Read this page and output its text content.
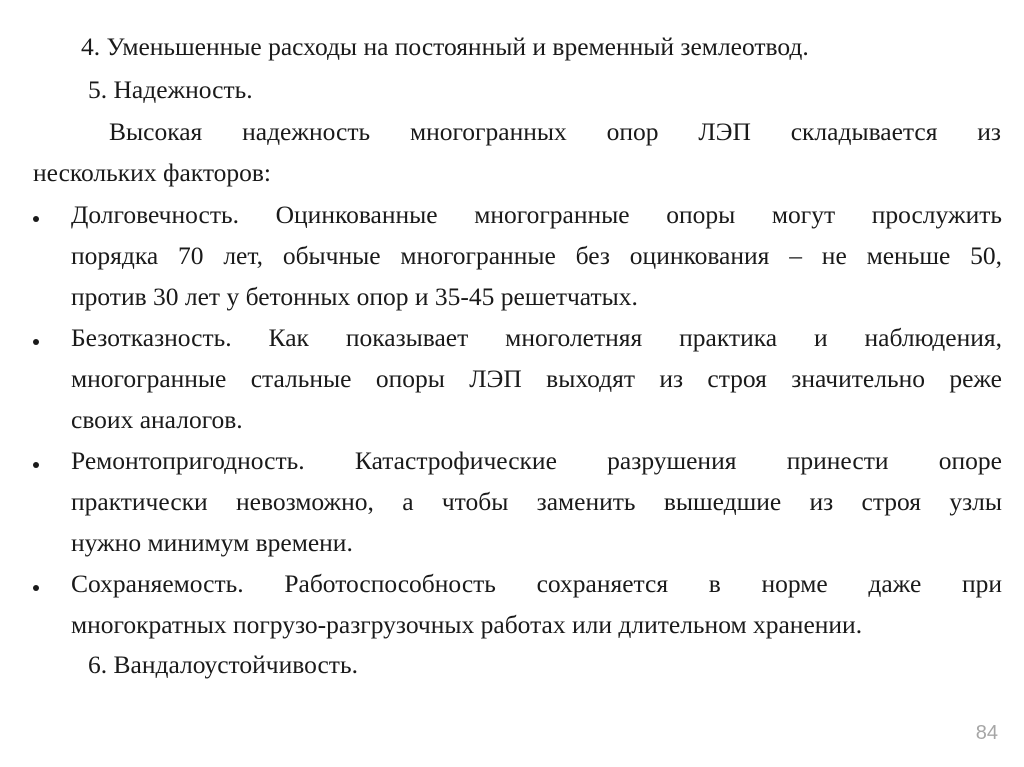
4. Уменьшенные расходы на постоянный и временный землеотвод.
5. Надежность.
Высокая надежность многогранных опор ЛЭП складывается из
нескольких факторов:
Долговечность. Оцинкованные многогранные опоры могут прослужить
порядка 70 лет, обычные многогранные без оцинкования – не меньше 50,
против 30 лет у бетонных опор и 35-45 решетчатых.
Безотказность. Как показывает многолетняя практика и наблюдения,
многогранные стальные опоры ЛЭП выходят из строя значительно реже
своих аналогов.
Ремонтопригодность. Катастрофические разрушения принести опоре
практически невозможно, а чтобы заменить вышедшие из строя узлы
нужно минимум времени.
Сохраняемость. Работоспособность сохраняется в норме даже при
многократных погрузо-разгрузочных работах или длительном хранении.
6. Вандалоустойчивость.
84
